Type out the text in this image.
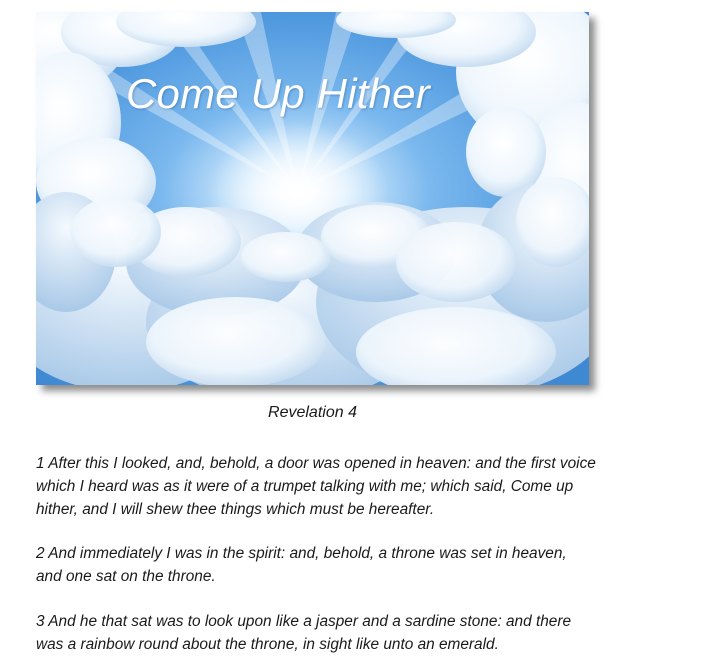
Come Up Hither
Revelation 4

1 After this I looked, and, behold, a door was opened in heaven: and the first voice which I heard was as it were of a trumpet talking with me; which said, Come up hither, and I will shew thee things which must be hereafter.

2 And immediately I was in the spirit: and, behold, a throne was set in heaven, and one sat on the throne.

3 And he that sat was to look upon like a jasper and a sardine stone: and there was a rainbow round about the throne, in sight like unto an emerald.
